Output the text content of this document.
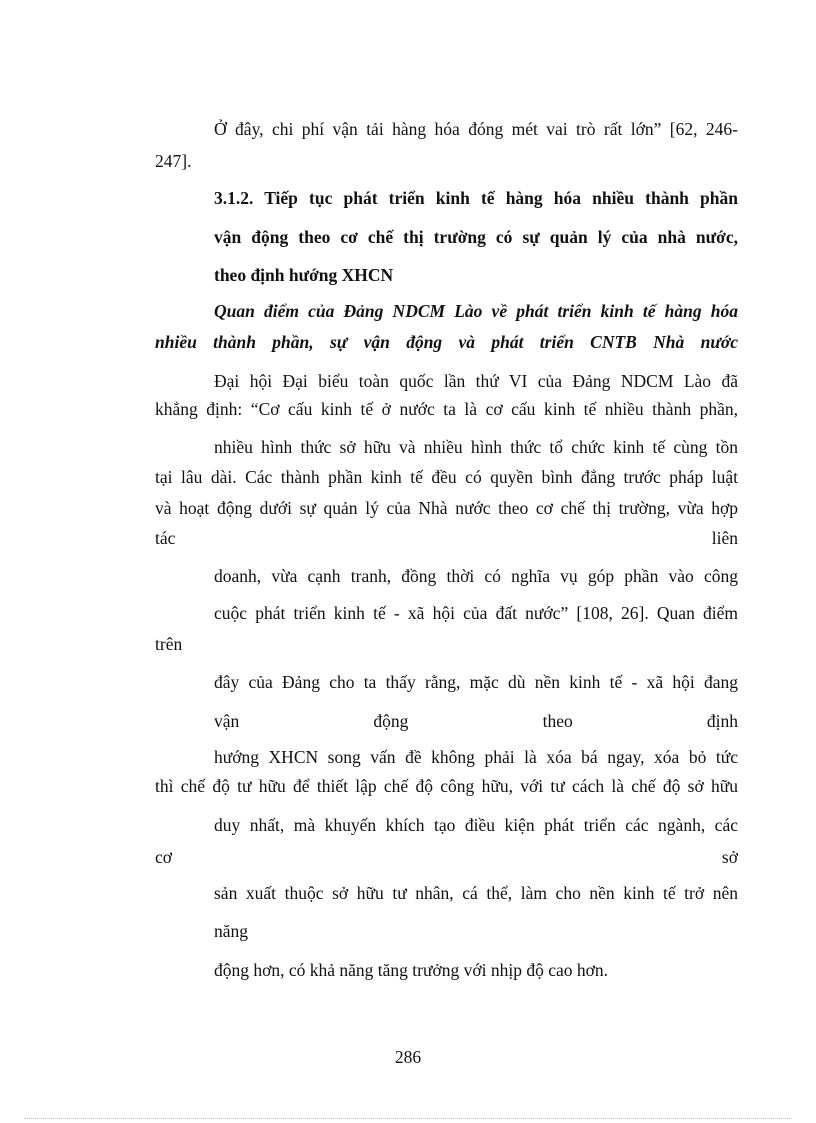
Ở đây, chi phí vận tải hàng hóa đóng mét vai trò rất lớn” [62, 246-
247].
3.1.2. Tiếp tục phát triển kinh tế hàng hóa nhiều thành phần
vận động theo cơ chế thị trường có sự quản lý của nhà nước,
theo định hướng XHCN
Quan điểm của Đảng NDCM Lào về phát triển kinh tế hàng hóa
nhiều thành phần, sự vận động và phát triển CNTB Nhà nước
Đại hội Đại biểu toàn quốc lần thứ VI của Đảng NDCM Lào đã
khẳng định: “Cơ cấu kinh tế ở nước ta là cơ cấu kinh tế nhiều thành phần,
nhiều hình thức sở hữu và nhiều hình thức tổ chức kinh tế cùng tồn
tại lâu dài. Các thành phần kinh tế đều có quyền bình đẳng trước pháp luật
và hoạt động dưới sự quản lý của Nhà nước theo cơ chế thị trường, vừa hợp
tác liên
doanh, vừa cạnh tranh, đồng thời có nghĩa vụ góp phần vào công
cuộc phát triển kinh tế - xã hội của đất nước” [108, 26]. Quan điểm
trên
đây của Đảng cho ta thấy rằng, mặc dù nền kinh tế - xã hội đang
vận động theo định
hướng XHCN song vấn đề không phải là xóa bá ngay, xóa bỏ tức
thì chế độ tư hữu để thiết lập chế độ công hữu, với tư cách là chế độ sở hữu
duy nhất, mà khuyến khích tạo điều kiện phát triển các ngành, các
cơ sở
sản xuất thuộc sở hữu tư nhân, cá thể, làm cho nền kinh tế trở nên
năng
động hơn, có khả năng tăng trưởng với nhịp độ cao hơn.
286
